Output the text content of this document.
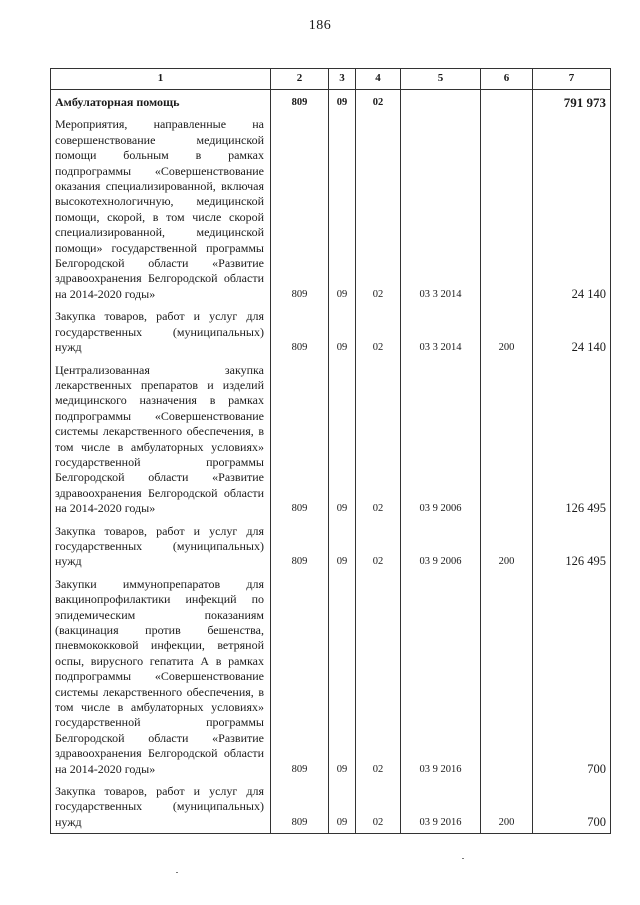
186
1	2	3	4	5	6	7
Амбулаторная помощь	809	09	02			791 973
Мероприятия, направленные на совершенствование медицинской помощи больным в рамках подпрограммы «Совершенствование оказания специализированной, включая высокотехнологичную, медицинской помощи, скорой, в том числе скорой специализированной, медицинской помощи» государственной программы Белгородской области «Развитие здравоохранения Белгородской области на 2014-2020 годы»	809	09	02	03 3 2014		24 140
Закупка товаров, работ и услуг для государственных (муниципальных) нужд	809	09	02	03 3 2014	200	24 140
Централизованная закупка лекарственных препаратов и изделий медицинского назначения в рамках подпрограммы «Совершенствование системы лекарственного обеспечения, в том числе в амбулаторных условиях» государственной программы Белгородской области «Развитие здравоохранения Белгородской области на 2014-2020 годы»	809	09	02	03 9 2006		126 495
Закупка товаров, работ и услуг для государственных (муниципальных) нужд	809	09	02	03 9 2006	200	126 495
Закупки иммунопрепаратов для вакцинопрофилактики инфекций по эпидемическим показаниям (вакцинация против бешенства, пневмококковой инфекции, ветряной оспы, вирусного гепатита А в рамках подпрограммы «Совершенствование системы лекарственного обеспечения, в том числе в амбулаторных условиях» государственной программы Белгородской области «Развитие здравоохранения Белгородской области на 2014-2020 годы»	809	09	02	03 9 2016		700
Закупка товаров, работ и услуг для государственных (муниципальных) нужд	809	09	02	03 9 2016	200	700
